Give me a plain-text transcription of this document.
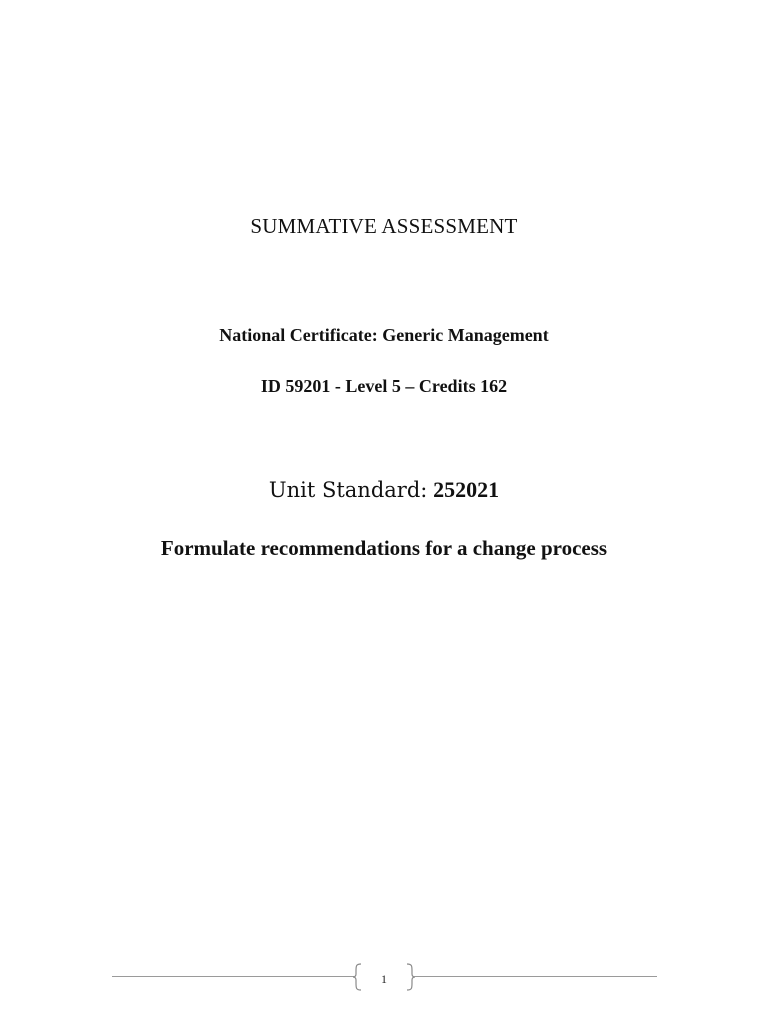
SUMMATIVE ASSESSMENT
National Certificate: Generic Management
ID 59201 - Level 5 – Credits 162
Unit Standard: 252021
Formulate recommendations for a change process
1
